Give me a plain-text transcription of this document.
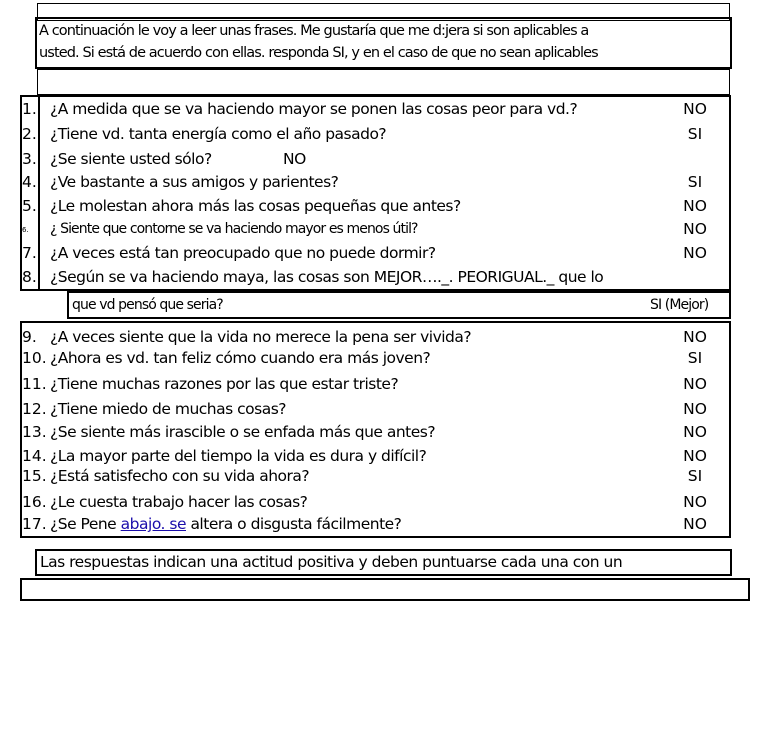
A continuación le voy a leer unas frases. Me gustaría que me d:jera si son aplicables a
usted. Si está de acuerdo con ellas. responda SI, y en el caso de que no sean aplicables
1. ¿A medida que se va haciendo mayor se ponen las cosas peor para vd.?	NO
2. ¿Tiene vd. tanta energía como el año pasado?	SI
3. ¿Se siente usted sólo?	NO
4. ¿Ve bastante a sus amigos y parientes?	SI
5. ¿Le molestan ahora más las cosas pequeñas que antes?	NO
6.	¿ Siente que contorne se va haciendo mayor es menos útil?	NO
7. ¿A veces está tan preocupado que no puede dormir?	NO
8. ¿Según se va haciendo maya, las cosas son MEJOR…._. PEORIGUAL._ que lo
que vd pensó que seria?	SI (Mejor)
9. ¿A veces siente que la vida no merece la pena ser vivida?	NO
10. ¿Ahora es vd. tan feliz cómo cuando era más joven?	SI
11. ¿Tiene muchas razones por las que estar triste?	NO
12. ¿Tiene miedo de muchas cosas?	NO
13. ¿Se siente más irascible o se enfada más que antes?	NO
14. ¿La mayor parte del tiempo la vida es dura y difícil?	NO
15. ¿Está satisfecho con su vida ahora?	SI
16. ¿Le cuesta trabajo hacer las cosas?	NO
17. ¿Se Pene abajo. se altera o disgusta fácilmente?	NO
Las respuestas indican una actitud positiva y deben puntuarse cada una con un
